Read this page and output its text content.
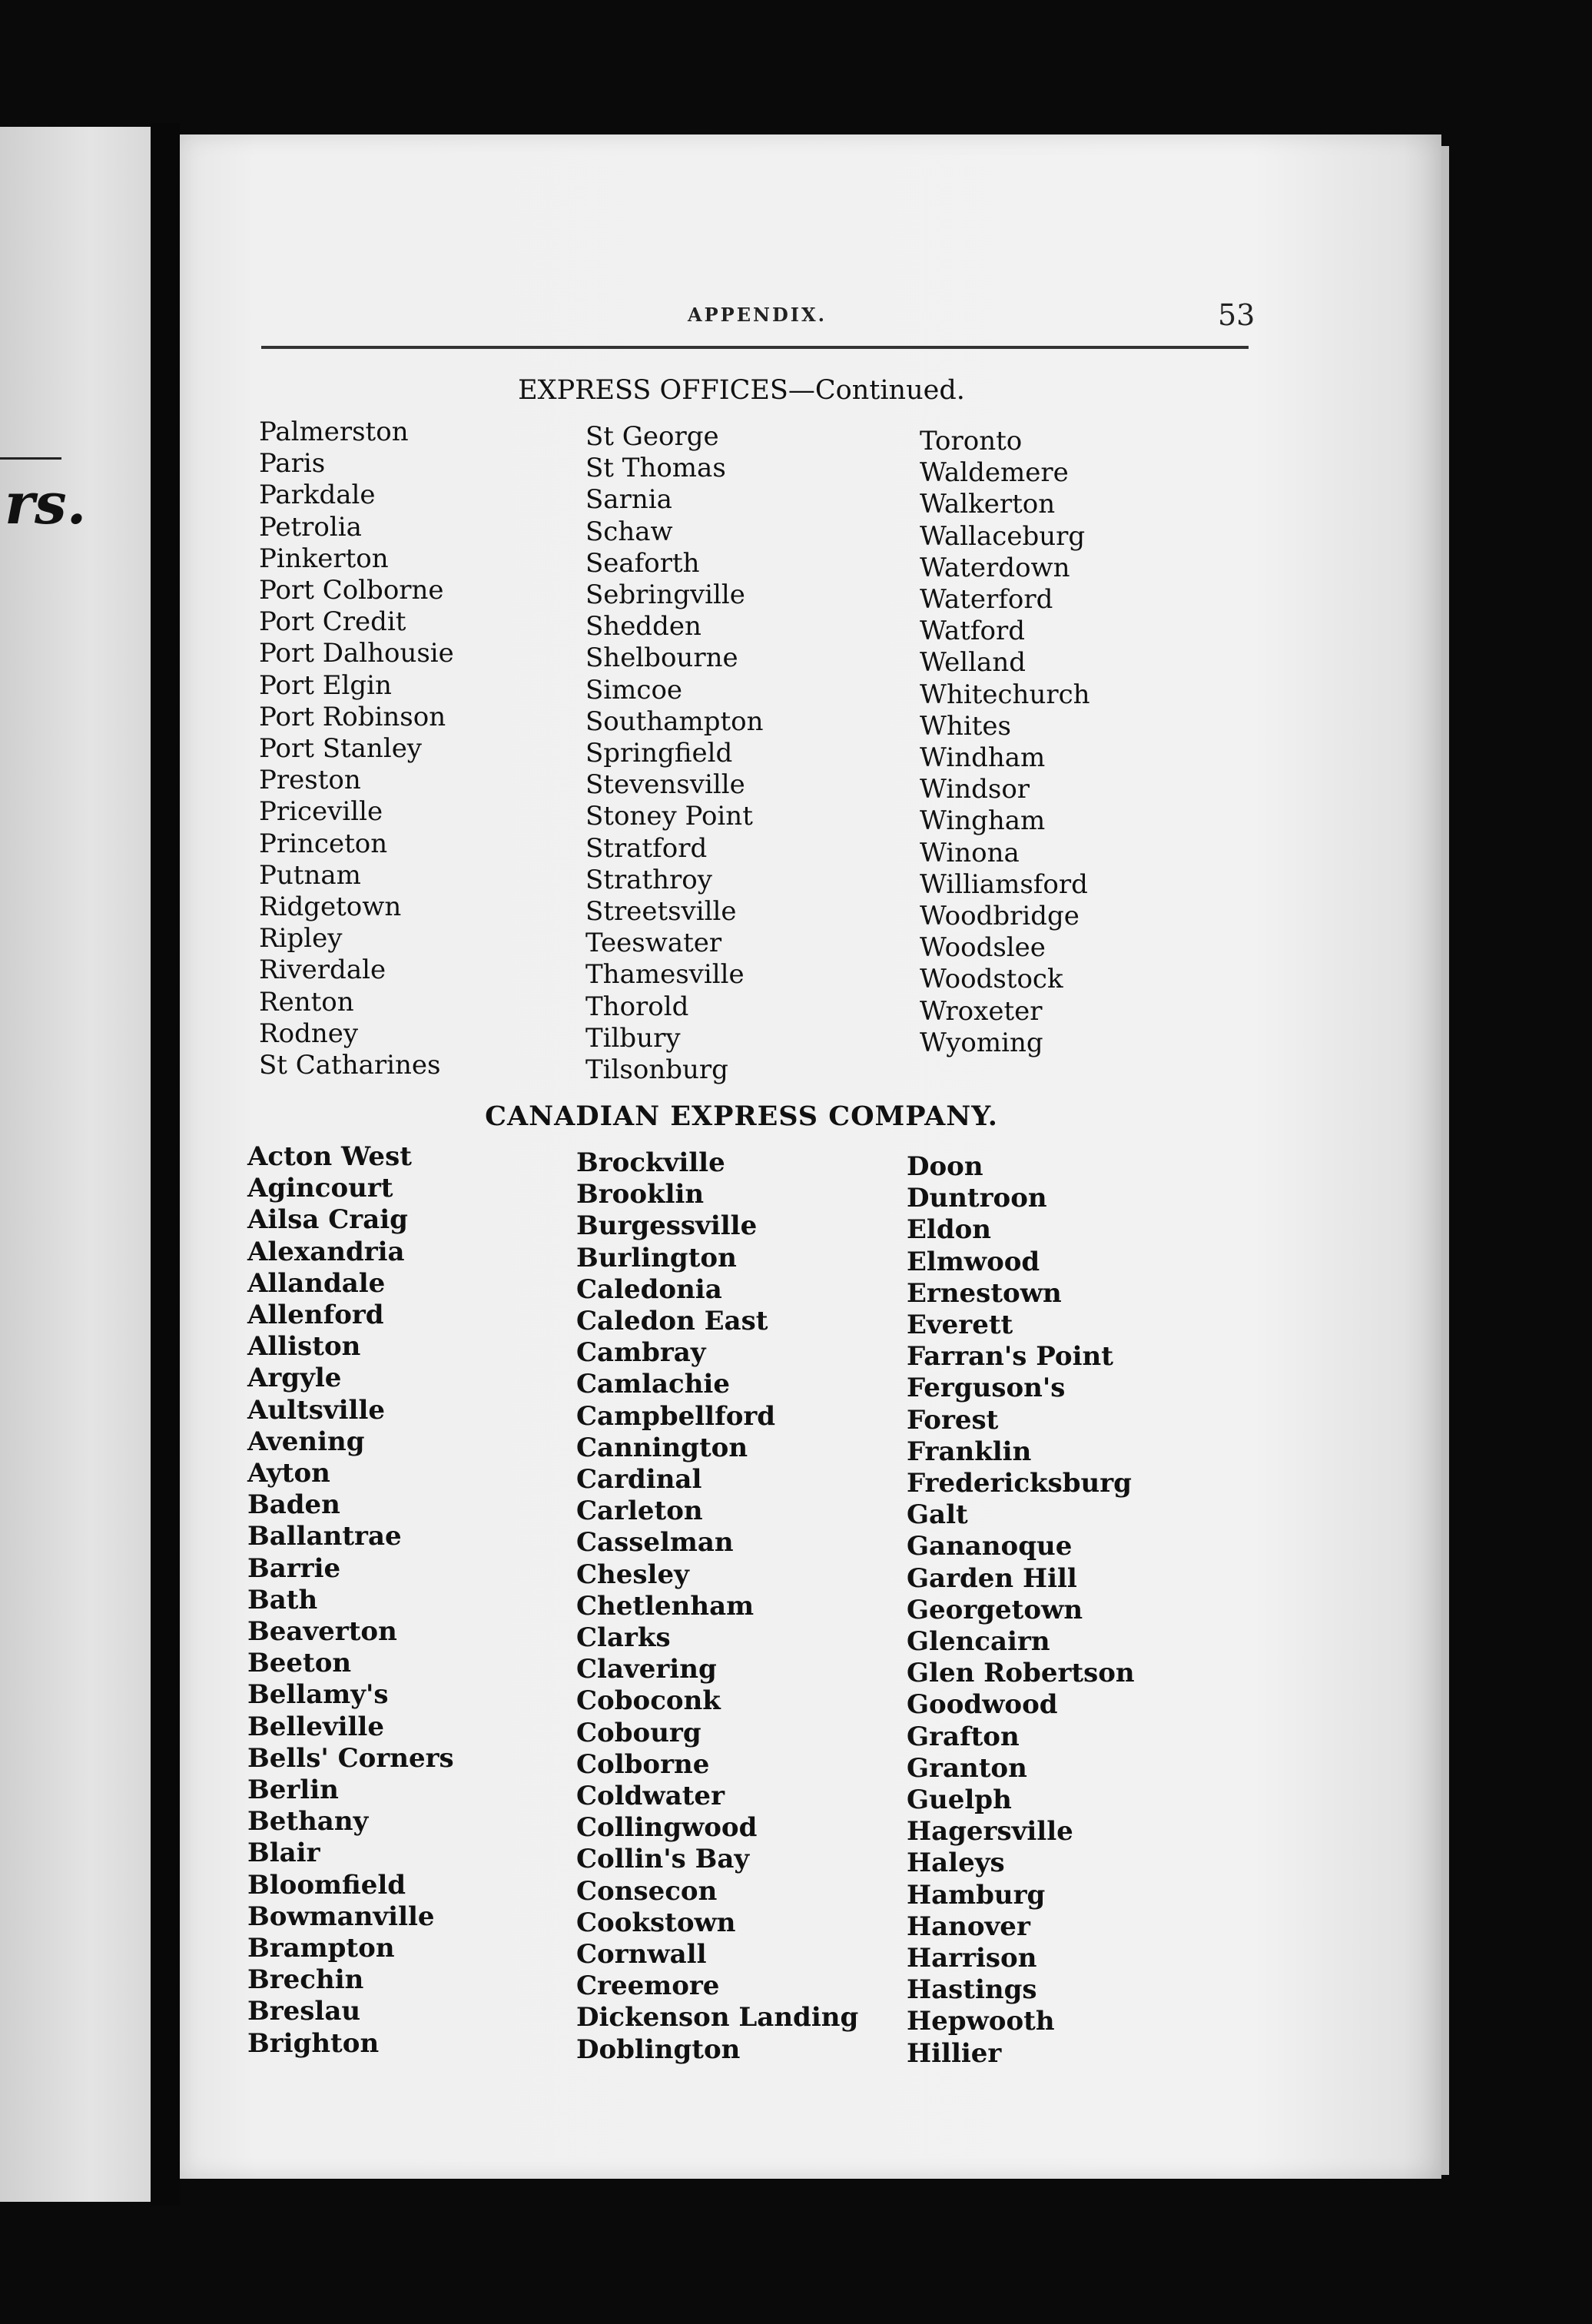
rs.
APPENDIX.	53
EXPRESS OFFICES—Continued.
Palmerston
Paris
Parkdale
Petrolia
Pinkerton
Port Colborne
Port Credit
Port Dalhousie
Port Elgin
Port Robinson
Port Stanley
Preston
Priceville
Princeton
Putnam
Ridgetown
Ripley
Riverdale
Renton
Rodney
St Catharines
St George
St Thomas
Sarnia
Schaw
Seaforth
Sebringville
Shedden
Shelbourne
Simcoe
Southampton
Springfield
Stevensville
Stoney Point
Stratford
Strathroy
Streetsville
Teeswater
Thamesville
Thorold
Tilbury
Tilsonburg
Toronto
Waldemere
Walkerton
Wallaceburg
Waterdown
Waterford
Watford
Welland
Whitechurch
Whites
Windham
Windsor
Wingham
Winona
Williamsford
Woodbridge
Woodslee
Woodstock
Wroxeter
Wyoming
CANADIAN EXPRESS COMPANY.
Acton West
Agincourt
Ailsa Craig
Alexandria
Allandale
Allenford
Alliston
Argyle
Aultsville
Avening
Ayton
Baden
Ballantrae
Barrie
Bath
Beaverton
Beeton
Bellamy's
Belleville
Bells' Corners
Berlin
Bethany
Blair
Bloomfield
Bowmanville
Brampton
Brechin
Breslau
Brighton
Brockville
Brooklin
Burgessville
Burlington
Caledonia
Caledon East
Cambray
Camlachie
Campbellford
Cannington
Cardinal
Carleton
Casselman
Chesley
Chetlenham
Clarks
Clavering
Coboconk
Cobourg
Colborne
Coldwater
Collingwood
Collin's Bay
Consecon
Cookstown
Cornwall
Creemore
Dickenson Landing
Doblington
Doon
Duntroon
Eldon
Elmwood
Ernestown
Everett
Farran's Point
Ferguson's
Forest
Franklin
Fredericksburg
Galt
Gananoque
Garden Hill
Georgetown
Glencairn
Glen Robertson
Goodwood
Grafton
Granton
Guelph
Hagersville
Haleys
Hamburg
Hanover
Harrison
Hastings
Hepwooth
Hillier
